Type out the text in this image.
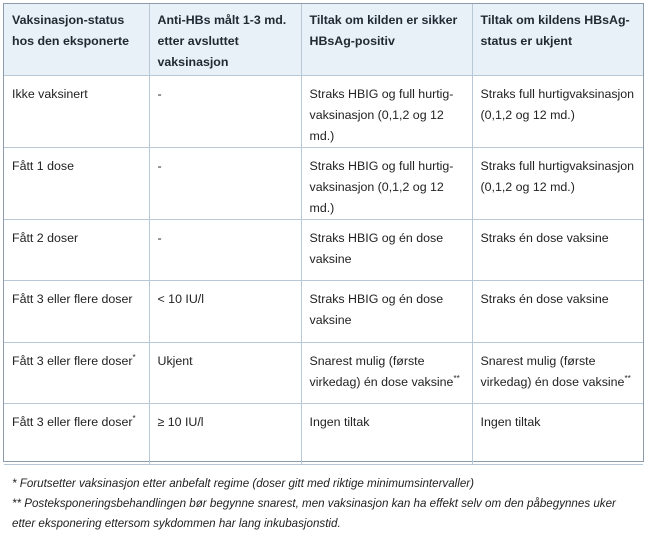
Vaksinasjon-status hos den eksponerte	Anti-HBs målt 1-3 md. etter avsluttet vaksinasjon	Tiltak om kilden er sikker HBsAg-positiv	Tiltak om kildens HBsAg-status er ukjent
Ikke vaksinert	-	Straks HBIG og full hurtig-vaksinasjon (0,1,2 og 12 md.)	Straks full hurtigvaksinasjon (0,1,2 og 12 md.)
Fått 1 dose	-	Straks HBIG og full hurtig-vaksinasjon (0,1,2 og 12 md.)	Straks full hurtigvaksinasjon (0,1,2 og 12 md.)
Fått 2 doser	-	Straks HBIG og én dose vaksine	Straks én dose vaksine
Fått 3 eller flere doser	< 10 IU/l	Straks HBIG og én dose vaksine	Straks én dose vaksine
Fått 3 eller flere doser*	Ukjent	Snarest mulig (første virkedag) én dose vaksine**	Snarest mulig (første virkedag) én dose vaksine**
Fått 3 eller flere doser*	≥ 10 IU/l	Ingen tiltak	Ingen tiltak
* Forutsetter vaksinasjon etter anbefalt regime (doser gitt med riktige minimumsintervaller)
** Posteksponeringsbehandlingen bør begynne snarest, men vaksinasjon kan ha effekt selv om den påbegynnes uker etter eksponering ettersom sykdommen har lang inkubasjonstid.
